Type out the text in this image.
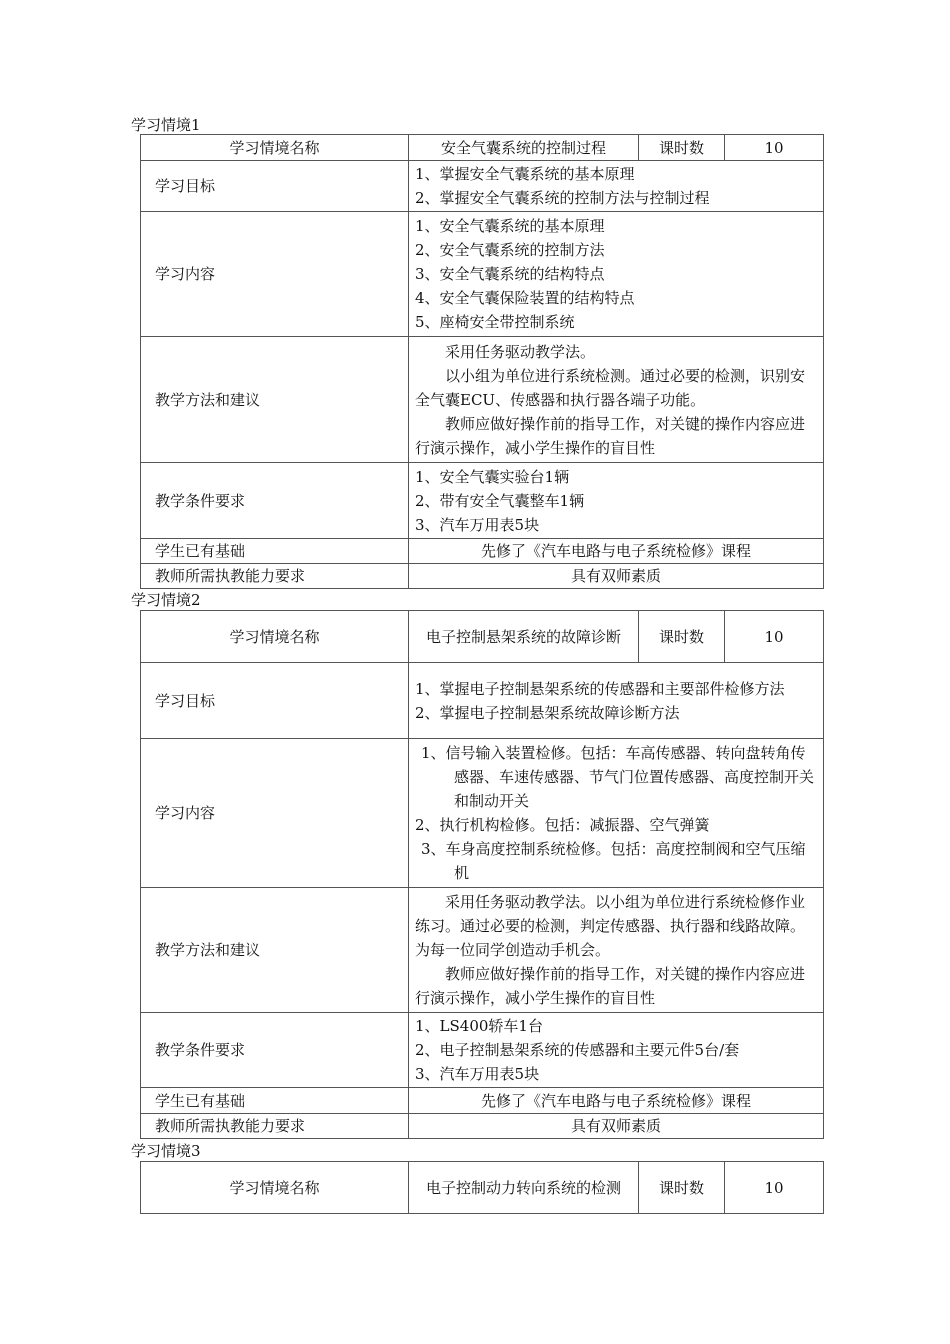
学习情境1
学习情境名称	安全气囊系统的控制过程	课时数	10
学习目标	1、掌握安全气囊系统的基本原理
2、掌握安全气囊系统的控制方法与控制过程		

学习内容	1、安全气囊系统的基本原理
2、安全气囊系统的控制方法
3、安全气囊系统的结构特点
4、安全气囊保险装置的结构特点
5、座椅安全带控制系统		

教学方法和建议	采用任务驱动教学法。
以小组为单位进行系统检测。通过必要的检测，识别安全气囊ECU、传感器和执行器各端子功能。
教师应做好操作前的指导工作，对关键的操作内容应进行演示操作，减小学生操作的盲目性		

教学条件要求	1、安全气囊实验台1辆
2、带有安全气囊整车1辆
3、汽车万用表5块		

学生已有基础	先修了《汽车电路与电子系统检修》课程		
教师所需执教能力要求	具有双师素质		
学习情境2
学习情境名称	电子控制悬架系统的故障诊断	课时数	10
学习目标	1、掌握电子控制悬架系统的传感器和主要部件检修方法
2、掌握电子控制悬架系统故障诊断方法		

学习内容	1、信号输入装置检修。包括：车高传感器、转向盘转角传感器、车速传感器、节气门位置传感器、高度控制开关和制动开关
2、执行机构检修。包括：减振器、空气弹簧
3、车身高度控制系统检修。包括：高度控制阀和空气压缩机		

教学方法和建议	采用任务驱动教学法。以小组为单位进行系统检修作业练习。通过必要的检测，判定传感器、执行器和线路故障。为每一位同学创造动手机会。
教师应做好操作前的指导工作，对关键的操作内容应进行演示操作，减小学生操作的盲目性		

教学条件要求	1、LS400轿车1台
2、电子控制悬架系统的传感器和主要元件5台/套
3、汽车万用表5块		

学生已有基础	先修了《汽车电路与电子系统检修》课程		
教师所需执教能力要求	具有双师素质		
学习情境3
学习情境名称	电子控制动力转向系统的检测	课时数	10
